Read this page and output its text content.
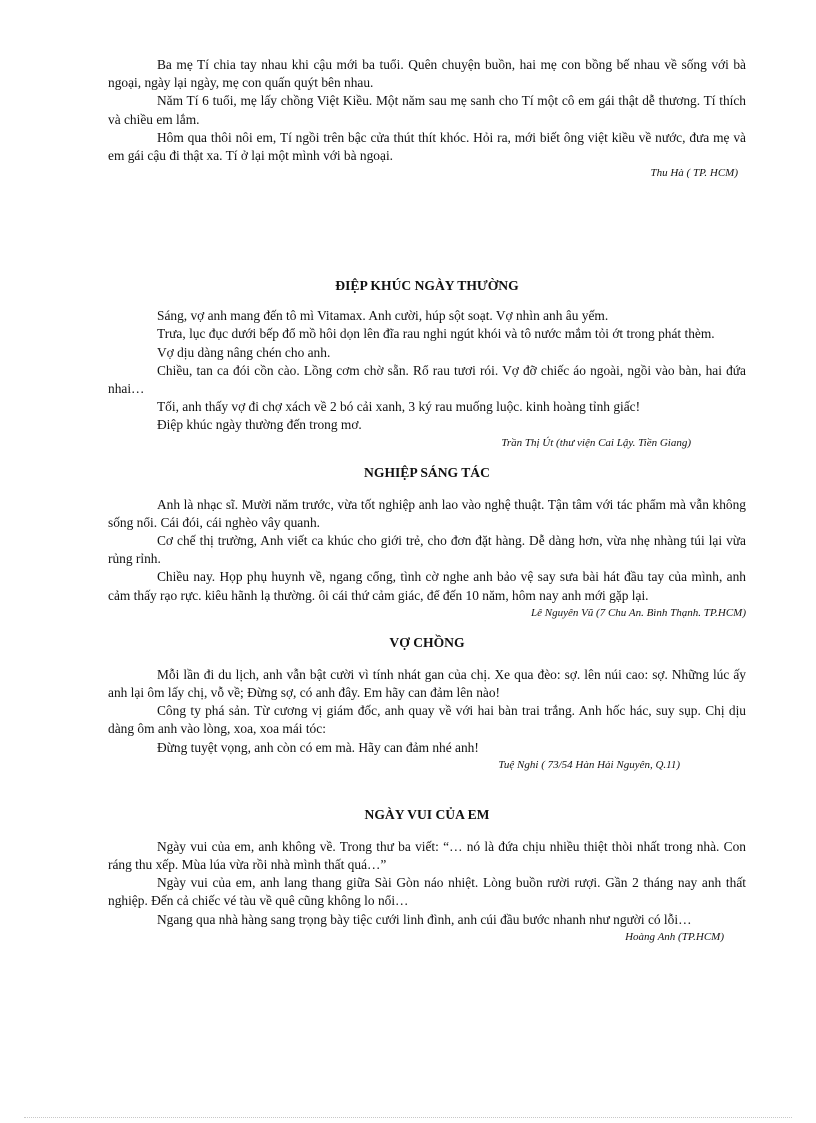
Ba mẹ Tí chia tay nhau khi cậu mới ba tuổi. Quên chuyện buồn, hai mẹ con bồng bế nhau về sống với bà ngoại, ngày lại ngày, mẹ con quấn quýt bên nhau.

Năm Tí 6 tuổi, mẹ lấy chồng Việt Kiều. Một năm sau mẹ sanh cho Tí một cô em gái thật dễ thương. Tí thích và chiều em lắm.

Hôm qua thôi nôi em, Tí ngồi trên bậc cửa thút thít khóc. Hỏi ra, mới biết ông việt kiều về nước, đưa mẹ và em gái cậu đi thật xa. Tí ở lại một mình với bà ngoại.

Thu Hà ( TP. HCM)

ĐIỆP KHÚC NGÀY THƯỜNG

Sáng, vợ anh mang đến tô mì Vitamax. Anh cười, húp sột soạt. Vợ nhìn anh âu yếm.

Trưa, lục đục dưới bếp đổ mồ hôi dọn lên đĩa rau nghi ngút khói và tô nước mắm tỏi ớt trong phát thèm.

Vợ dịu dàng nâng chén cho anh.

Chiều, tan ca đói cồn cào. Lồng cơm chờ sẵn. Rổ rau tươi rói. Vợ đỡ chiếc áo ngoài, ngồi vào bàn, hai đứa nhai…

Tối, anh thấy vợ đi chợ xách về 2 bó cải xanh, 3 ký rau muống luộc. kinh hoàng tỉnh giấc!

Điệp khúc ngày thường đến trong mơ.

Trần Thị Út (thư viện Cai Lậy. Tiền Giang)

NGHIỆP SÁNG TÁC

Anh là nhạc sĩ. Mười năm trước, vừa tốt nghiệp anh lao vào nghệ thuật. Tận tâm với tác phẩm mà vẫn không sống nổi. Cái đói, cái nghèo vây quanh.

Cơ chế thị trường, Anh viết ca khúc cho giới trẻ, cho đơn đặt hàng. Dễ dàng hơn, vừa nhẹ nhàng túi lại vừa rủng rỉnh.

Chiều nay. Họp phụ huynh về, ngang cổng, tình cờ nghe anh bảo vệ say sưa bài hát đầu tay của mình, anh cảm thấy rạo rực. kiêu hãnh lạ thường. ôi cái thứ cảm giác, để đến 10 năm, hôm nay anh mới gặp lại.

Lê Nguyên Vũ (7 Chu An. Bình Thạnh. TP.HCM)

VỢ CHỒNG

Mỗi lần đi du lịch, anh vẫn bật cười vì tính nhát gan của chị. Xe qua đèo: sợ. lên núi cao: sợ. Những lúc ấy anh lại ôm lấy chị, vỗ về; Đừng sợ, có anh đây. Em hãy can đảm lên nào!

Công ty phá sản. Từ cương vị giám đốc, anh quay về với hai bàn trai trắng. Anh hốc hác, suy sụp. Chị dịu dàng ôm anh vào lòng, xoa, xoa mái tóc:

Đừng tuyệt vọng, anh còn có em mà. Hãy can đảm nhé anh!

Tuệ Nghi ( 73/54 Hàn Hải Nguyên, Q.11)

NGÀY VUI CỦA EM

Ngày vui của em, anh không về. Trong thư ba viết: “… nó là đứa chịu nhiều thiệt thòi nhất trong nhà. Con ráng thu xếp. Mùa lúa vừa rồi nhà mình thất quá…”

Ngày vui của em, anh lang thang giữa Sài Gòn náo nhiệt. Lòng buồn rười rượi. Gần 2 tháng nay anh thất nghiệp. Đến cả chiếc vé tàu về quê cũng không lo nổi…

Ngang qua nhà hàng sang trọng bày tiệc cưới linh đình, anh cúi đầu bước nhanh như người có lỗi…

Hoàng Anh (TP.HCM)
